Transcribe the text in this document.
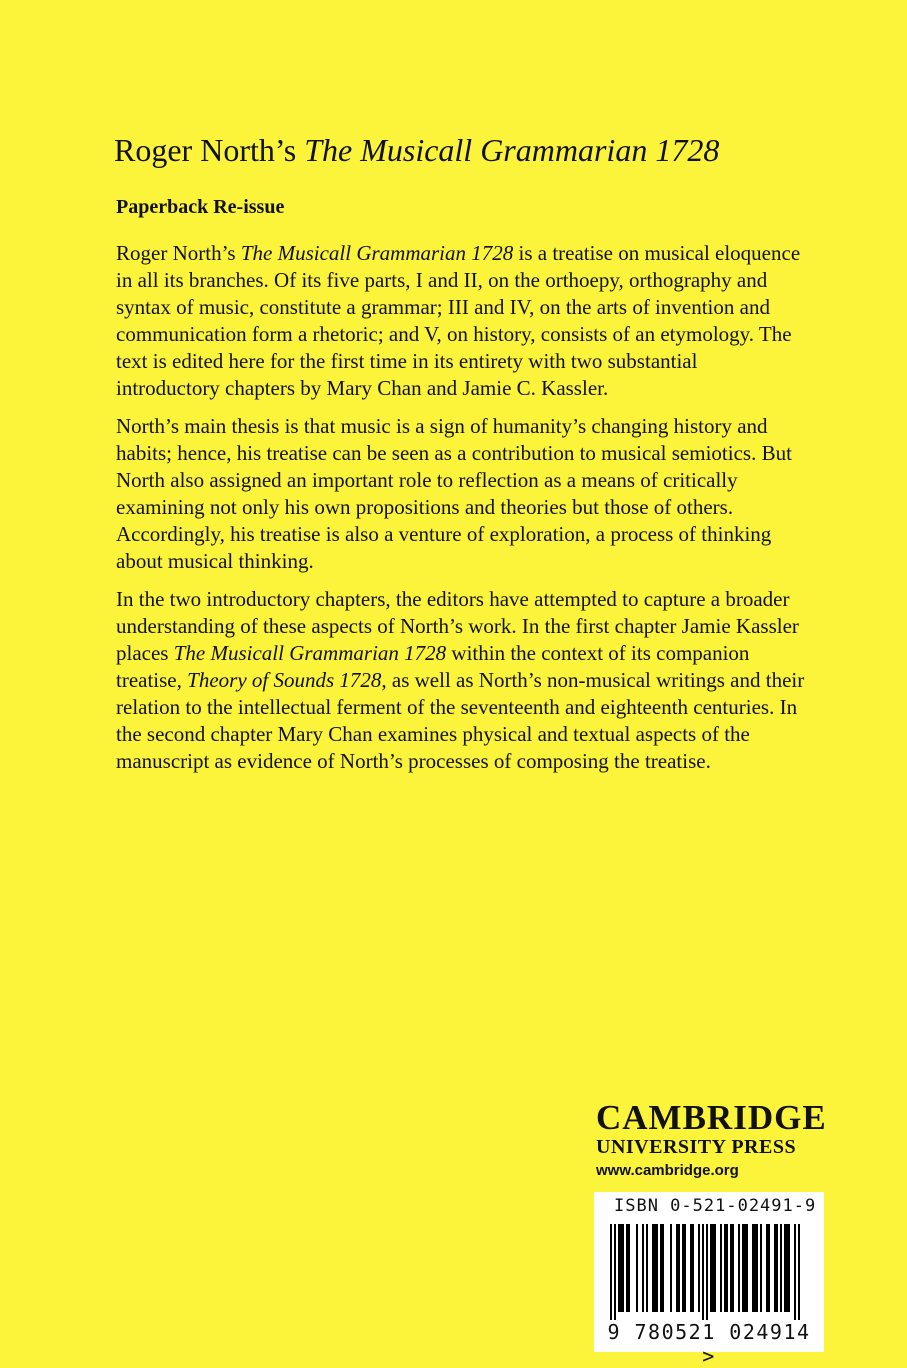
Roger North’s The Musicall Grammarian 1728
Paperback Re-issue

Roger North’s The Musicall Grammarian 1728 is a treatise on musical eloquence in all its branches. Of its five parts, I and II, on the orthoepy, orthography and syntax of music, constitute a grammar; III and IV, on the arts of invention and communication form a rhetoric; and V, on history, consists of an etymology. The text is edited here for the first time in its entirety with two substantial introductory chapters by Mary Chan and Jamie C. Kassler.

North’s main thesis is that music is a sign of humanity’s changing history and habits; hence, his treatise can be seen as a contribution to musical semiotics. But North also assigned an important role to reflection as a means of critically examining not only his own propositions and theories but those of others. Accordingly, his treatise is also a venture of exploration, a process of thinking about musical thinking.

In the two introductory chapters, the editors have attempted to capture a broader understanding of these aspects of North’s work. In the first chapter Jamie Kassler places The Musicall Grammarian 1728 within the context of its companion treatise, Theory of Sounds 1728, as well as North’s non-musical writings and their relation to the intellectual ferment of the seventeenth and eighteenth centuries. In the second chapter Mary Chan examines physical and textual aspects of the manuscript as evidence of North’s processes of composing the treatise.

CAMBRIDGE
UNIVERSITY PRESS
www.cambridge.org
ISBN 0-521-02491-9
9 780521 024914 >
